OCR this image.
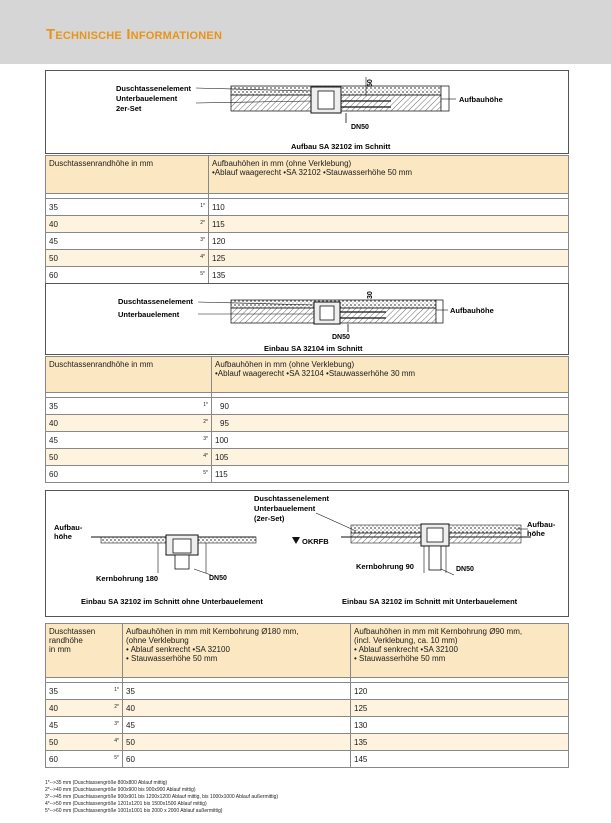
Technische Informationen
50
Duschtassenelement
Unterbauelement
2er-Set
Aufbauhöhe
DN50
Aufbau SA 32102 im Schnitt
Duschtassenrandhöhe in mm	Aufbauhöhen in mm (ohne Verklebung)
•Ablauf waagerecht •SA 32102 •Stauwasserhöhe 50 mm

35 1*	110
40 2*	115
45 3*	120
50 4*	125
60 5*	135
30
Duschtassenelement
Unterbauelement	Aufbauhöhe
DN50
Einbau SA 32104 im Schnitt
Duschtassenrandhöhe in mm	Aufbauhöhen in mm (ohne Verklebung)
•Ablauf waagerecht •SA 32104 •Stauwasserhöhe 30 mm

35 1*	90
40 2*	95
45 3*	100
50 4*	105
60 5*	115
Aufbau-
höhe
Kernbohrung 180	DN50
Einbau SA 32102 im Schnitt ohne Unterbauelement
Duschtassenelement
Unterbauelement
(2er-Set)
OKRFB
Aufbau-
höhe
Kernbohrung 90	DN50
Einbau SA 32102 im Schnitt mit Unterbauelement
Duschtassen
randhöhe
in mm	Aufbauhöhen in mm mit Kernbohrung Ø180 mm,
(ohne Verklebung
• Ablauf senkrecht •SA 32100
• Stauwasserhöhe 50 mm	Aufbauhöhen in mm mit Kernbohrung Ø90 mm,
(incl. Verklebung, ca. 10 mm)
• Ablauf senkrecht •SA 32100
• Stauwasserhöhe 50 mm

35 1*	35	120
40 2*	40	125
45 3*	45	130
50 4*	50	135
60 5*	60	145
1*-->35 mm (Duschtassengröße 800x800 Ablauf mittig)
2*-->40 mm (Duschtassengröße 900x900 bis 900x900 Ablauf mittig)
3*-->45 mm (Duschtassengröße 900x901 bis 1200x1200 Ablauf mittig, bis 1000x1000 Ablauf außermittig)
4*-->50 mm (Duschtassengröße 1201x1201 bis 1500x1500 Ablauf mittig)
5*-->60 mm (Duschtassengröße 1001x1001 bis 2000 x 2000 Ablauf außermittig)
